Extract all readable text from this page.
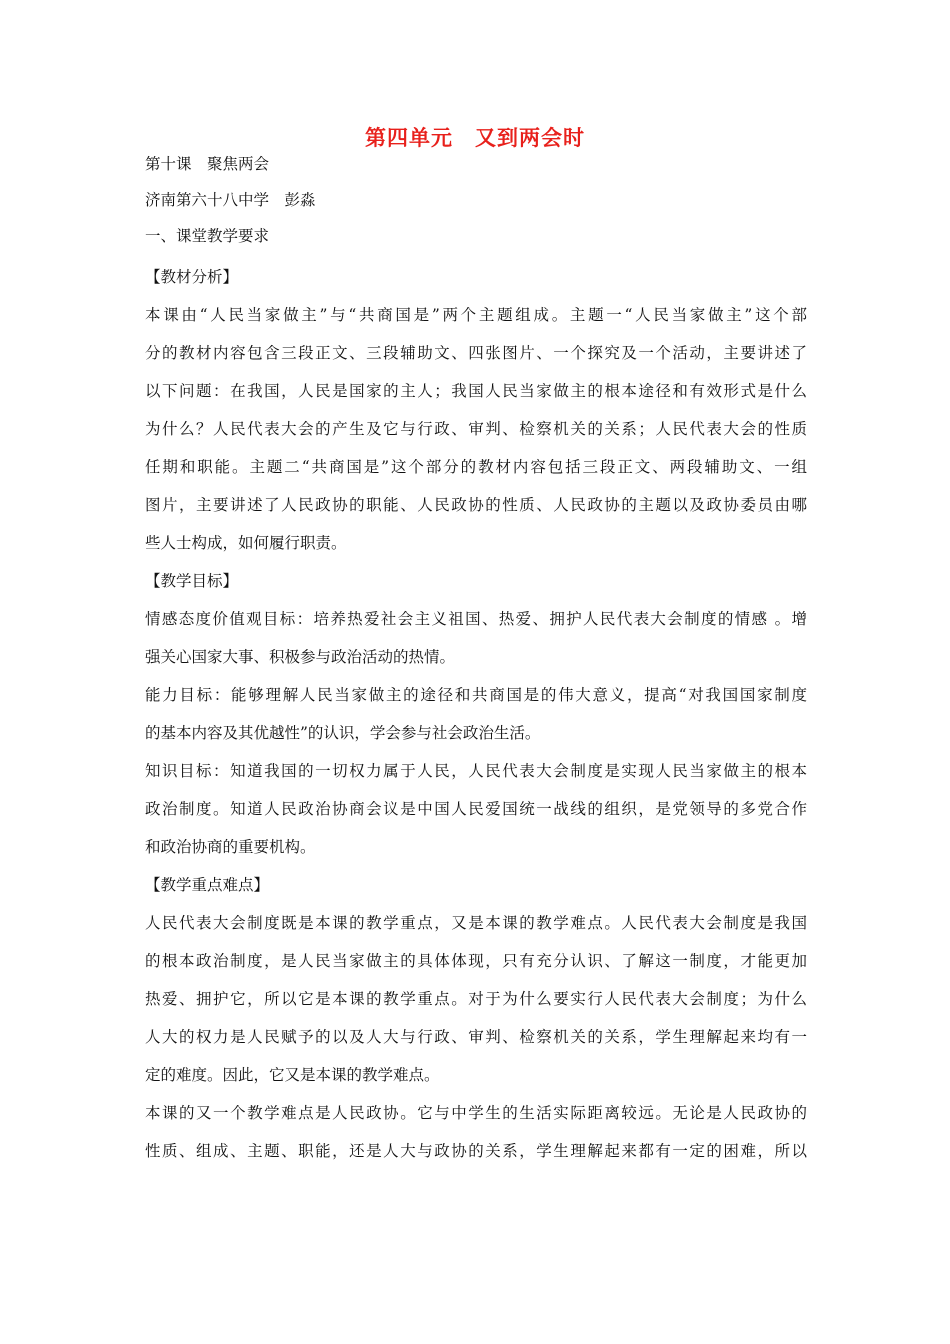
第四单元　又到两会时
第十课　聚焦两会
济南第六十八中学　彭淼
一、课堂教学要求
【教材分析】
本课由“人民当家做主”与“共商国是”两个主题组成。主题一“人民当家做主”这个部
分的教材内容包含三段正文、三段辅助文、四张图片、一个探究及一个活动，主要讲述了
以下问题：在我国，人民是国家的主人；我国人民当家做主的根本途径和有效形式是什么
为什么？人民代表大会的产生及它与行政、审判、检察机关的关系；人民代表大会的性质
任期和职能。主题二“共商国是”这个部分的教材内容包括三段正文、两段辅助文、一组
图片，主要讲述了人民政协的职能、人民政协的性质、人民政协的主题以及政协委员由哪
些人士构成，如何履行职责。
【教学目标】
情感态度价值观目标：培养热爱社会主义祖国、热爱、拥护人民代表大会制度的情感 。增
强关心国家大事、积极参与政治活动的热情。
能力目标：能够理解人民当家做主的途径和共商国是的伟大意义，提高“对我国国家制度
的基本内容及其优越性”的认识，学会参与社会政治生活。
知识目标：知道我国的一切权力属于人民，人民代表大会制度是实现人民当家做主的根本
政治制度。知道人民政治协商会议是中国人民爱国统一战线的组织，是党领导的多党合作
和政治协商的重要机构。
【教学重点难点】
人民代表大会制度既是本课的教学重点，又是本课的教学难点。人民代表大会制度是我国
的根本政治制度，是人民当家做主的具体体现，只有充分认识、了解这一制度，才能更加
热爱、拥护它，所以它是本课的教学重点。对于为什么要实行人民代表大会制度；为什么
人大的权力是人民赋予的以及人大与行政、审判、检察机关的关系，学生理解起来均有一
定的难度。因此，它又是本课的教学难点。
本课的又一个教学难点是人民政协。它与中学生的生活实际距离较远。无论是人民政协的
性质、组成、主题、职能，还是人大与政协的关系，学生理解起来都有一定的困难，所以
